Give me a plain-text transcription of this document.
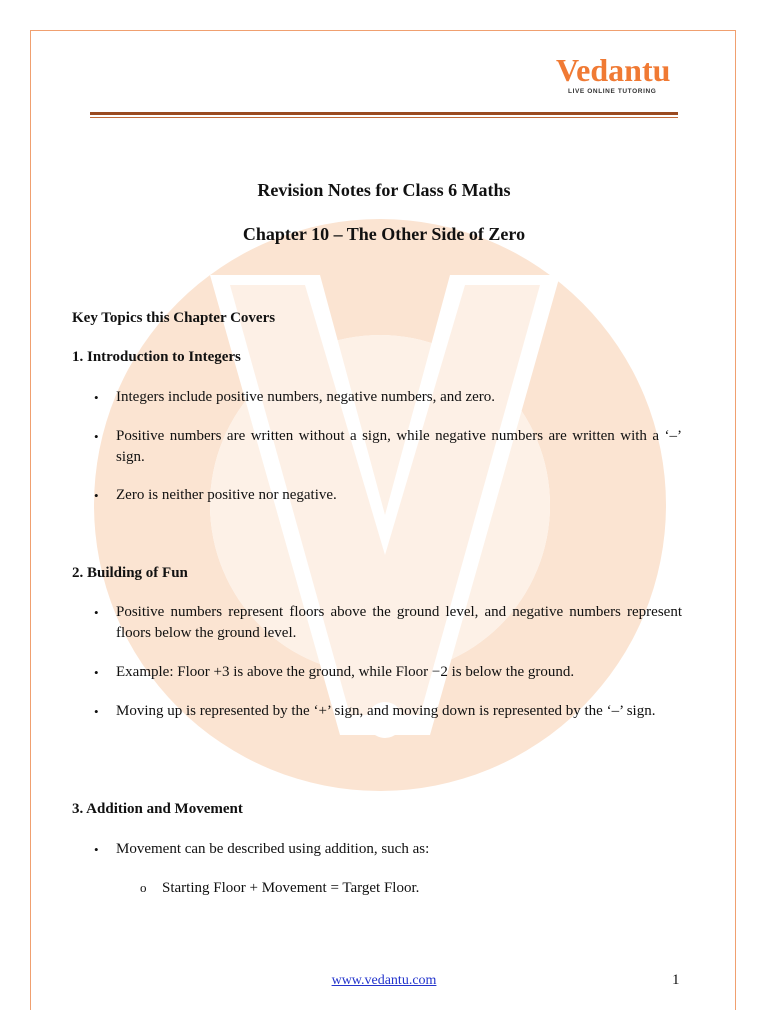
Vedantu
LIVE ONLINE TUTORING
Revision Notes for Class 6 Maths
Chapter 10 – The Other Side of Zero
Key Topics this Chapter Covers
1. Introduction to Integers
• Integers include positive numbers, negative numbers, and zero.
• Positive numbers are written without a sign, while negative numbers are written with a ‘–’ sign.
• Zero is neither positive nor negative.
2. Building of Fun
• Positive numbers represent floors above the ground level, and negative numbers represent floors below the ground level.
• Example: Floor +3 is above the ground, while Floor −2 is below the ground.
• Moving up is represented by the ‘+’ sign, and moving down is represented by the ‘–’ sign.
3. Addition and Movement
• Movement can be described using addition, such as:
o Starting Floor + Movement = Target Floor.
www.vedantu.com	1
